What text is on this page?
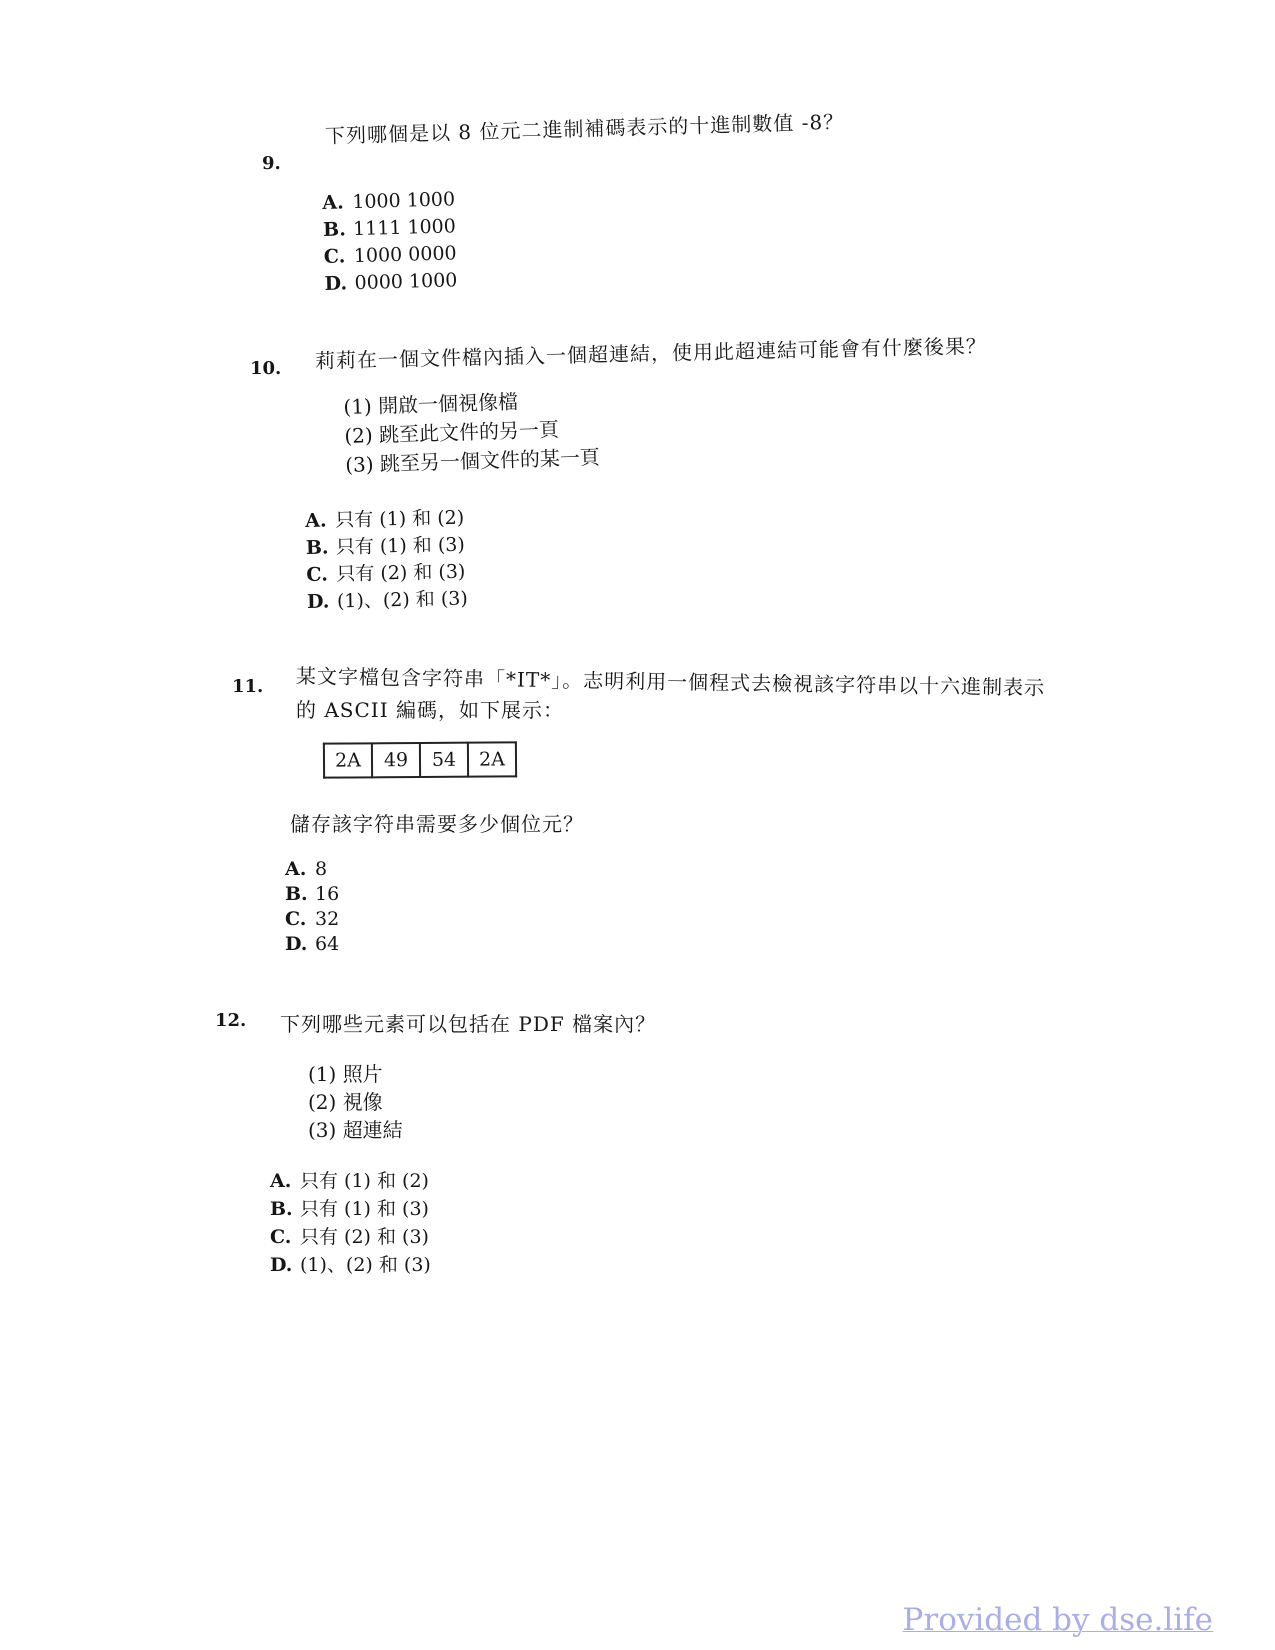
9.
下列哪個是以 8 位元二進制補碼表示的十進制數值 -8？
A. 1000 1000
B. 1111 1000
C. 1000 0000
D. 0000 1000
10. 莉莉在一個文件檔內插入一個超連結，使用此超連結可能會有什麼後果？
(1) 開啟一個視像檔
(2) 跳至此文件的另一頁
(3) 跳至另一個文件的某一頁
A. 只有 (1) 和 (2)
B. 只有 (1) 和 (3)
C. 只有 (2) 和 (3)
D. (1)、(2) 和 (3)
11. 某文字檔包含字符串「*IT*」。志明利用一個程式去檢視該字符串以十六進制表示
的 ASCII 編碼，如下展示：
2A	49	54	2A
儲存該字符串需要多少個位元？
A. 8
B. 16
C. 32
D. 64
12. 下列哪些元素可以包括在 PDF 檔案內？
(1) 照片
(2) 視像
(3) 超連結
A. 只有 (1) 和 (2)
B. 只有 (1) 和 (3)
C. 只有 (2) 和 (3)
D. (1)、(2) 和 (3)
Provided by dse.life
